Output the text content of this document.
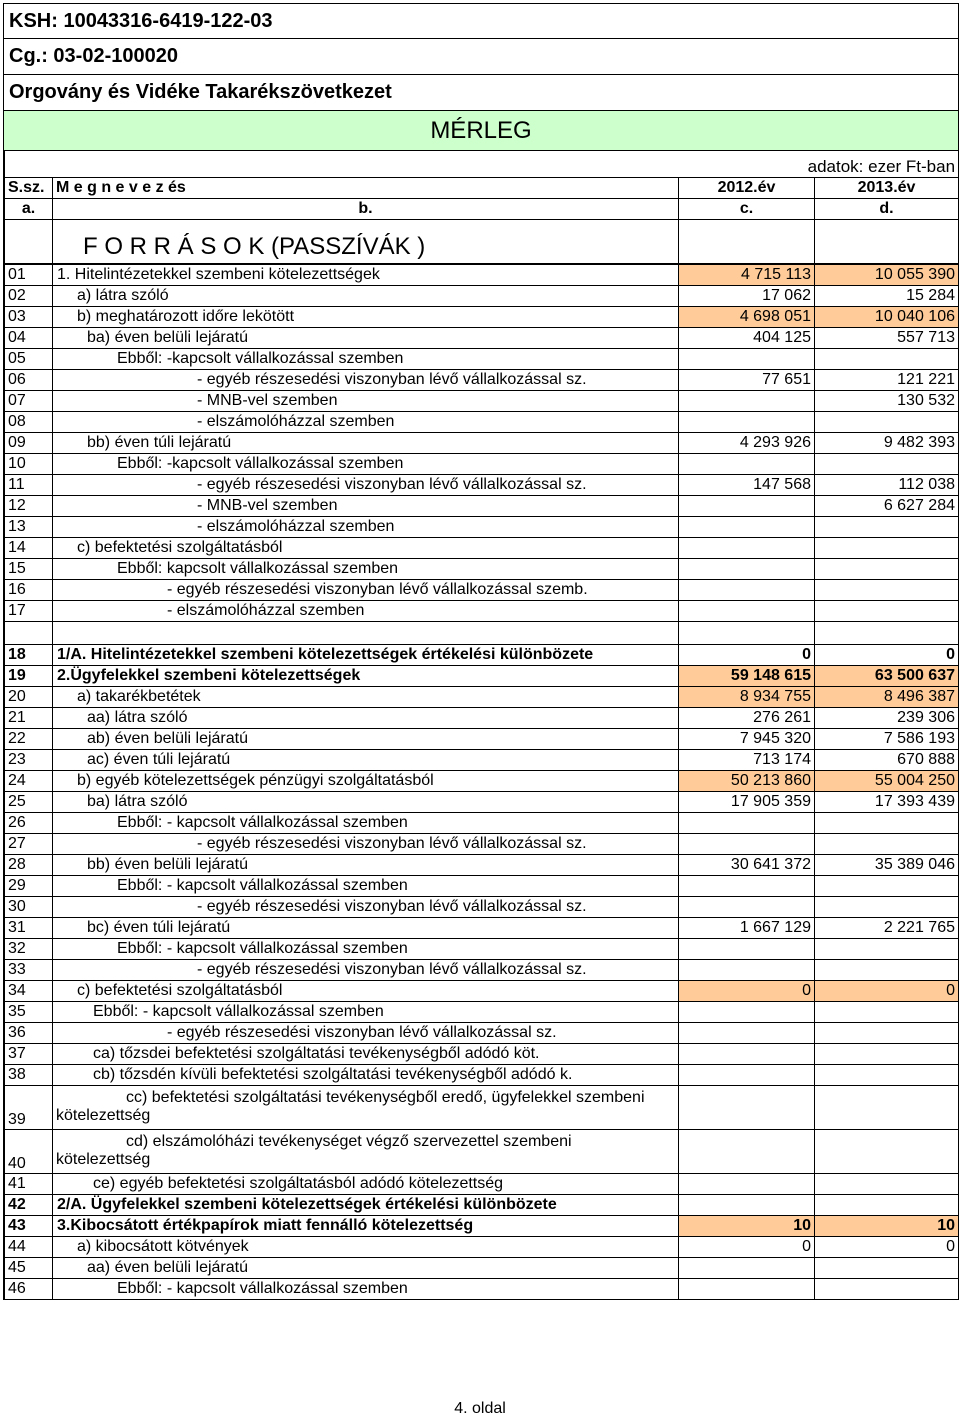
KSH: 10043316-6419-122-03
Cg.: 03-02-100020
Orgovány és Vidéke Takarékszövetkezet
MÉRLEG
adatok: ezer Ft-ban			
S.sz.	M e g n e v e z és	2012.év	2013.év
a.	b.	c.	d.

	F O R R Á S O K (PASSZÍVÁK )		
01	1. Hitelintézetekkel szembeni kötelezettségek	4 715 113	10 055 390
02	a) látra szóló	17 062	15 284
03	b) meghatározott időre lekötött	4 698 051	10 040 106
04	ba) éven belüli lejáratú	404 125	557 713
05	Ebből: -kapcsolt vállalkozással szemben		
06	- egyéb részesedési viszonyban lévő vállalkozással sz.	77 651	121 221
07	- MNB-vel szemben		130 532
08	- elszámolóházzal szemben		
09	bb) éven túli lejáratú	4 293 926	9 482 393
10	Ebből: -kapcsolt vállalkozással szemben		
11	- egyéb részesedési viszonyban lévő vállalkozással sz.	147 568	112 038
12	- MNB-vel szemben		6 627 284
13	- elszámolóházzal szemben		
14	c) befektetési szolgáltatásból		
15	Ebből: kapcsolt vállalkozással szemben		
16	- egyéb részesedési viszonyban lévő vállalkozással szemb.		
17	- elszámolóházzal szemben		

18	1/A. Hitelintézetekkel szembeni kötelezettségek értékelési különbözete	0	0
19	2.Ügyfelekkel szembeni kötelezettségek	59 148 615	63 500 637
20	a) takarékbetétek	8 934 755	8 496 387
21	aa) látra szóló	276 261	239 306
22	ab) éven belüli lejáratú	7 945 320	7 586 193
23	ac) éven túli lejáratú	713 174	670 888
24	b) egyéb kötelezettségek pénzügyi szolgáltatásból	50 213 860	55 004 250
25	ba) látra szóló	17 905 359	17 393 439
26	Ebből: - kapcsolt vállalkozással szemben		
27	- egyéb részesedési viszonyban lévő vállalkozással sz.		
28	bb) éven belüli lejáratú	30 641 372	35 389 046
29	Ebből: - kapcsolt vállalkozással szemben		
30	- egyéb részesedési viszonyban lévő vállalkozással sz.		
31	bc) éven túli lejáratú	1 667 129	2 221 765
32	Ebből: - kapcsolt vállalkozással szemben		
33	- egyéb részesedési viszonyban lévő vállalkozással sz.		
34	c) befektetési szolgáltatásból	0	0
35	Ebből: - kapcsolt vállalkozással szemben		
36	- egyéb részesedési viszonyban lévő vállalkozással sz.		
37	ca) tőzsdei befektetési szolgáltatási tevékenységből adódó köt.		
38	cb) tőzsdén kívüli befektetési szolgáltatási tevékenységből adódó k.		
39	cc) befektetési szolgáltatási tevékenységből eredő, ügyfelekkel szembeni
kötelezettség		

40	cd) elszámolóházi tevékenységet végző szervezettel szembeni
kötelezettség		

41	ce) egyéb befektetési szolgáltatásból adódó kötelezettség		
42	2/A. Ügyfelekkel szembeni kötelezettségek értékelési különbözete		
43	3.Kibocsátott értékpapírok miatt fennálló kötelezettség	10	10
44	a) kibocsátott kötvények	0	0
45	aa) éven belüli lejáratú		
46	Ebből: - kapcsolt vállalkozással szemben		
4. oldal
